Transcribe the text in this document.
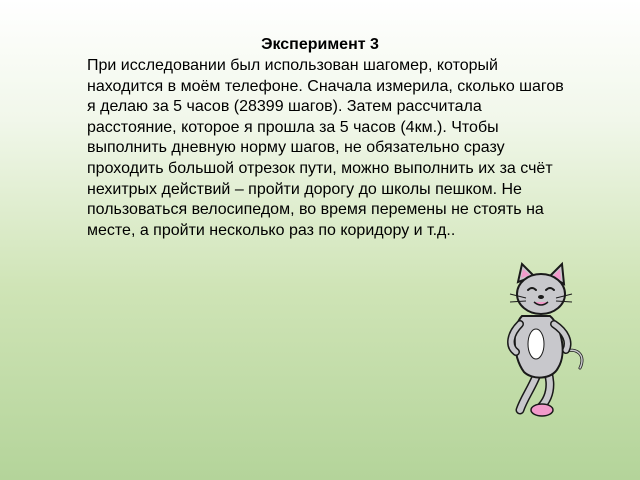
Эксперимент 3

При исследовании был использован шагомер, который находится в моём телефоне. Сначала измерила, сколько шагов я делаю за 5 часов (28399 шагов). Затем рассчитала расстояние, которое я прошла за 5 часов (4км.). Чтобы выполнить дневную норму шагов, не обязательно сразу проходить большой отрезок пути, можно выполнить их за счёт нехитрых действий – пройти дорогу до школы пешком. Не пользоваться велосипедом, во время перемены не стоять на месте, а пройти несколько раз по коридору и т.д..
